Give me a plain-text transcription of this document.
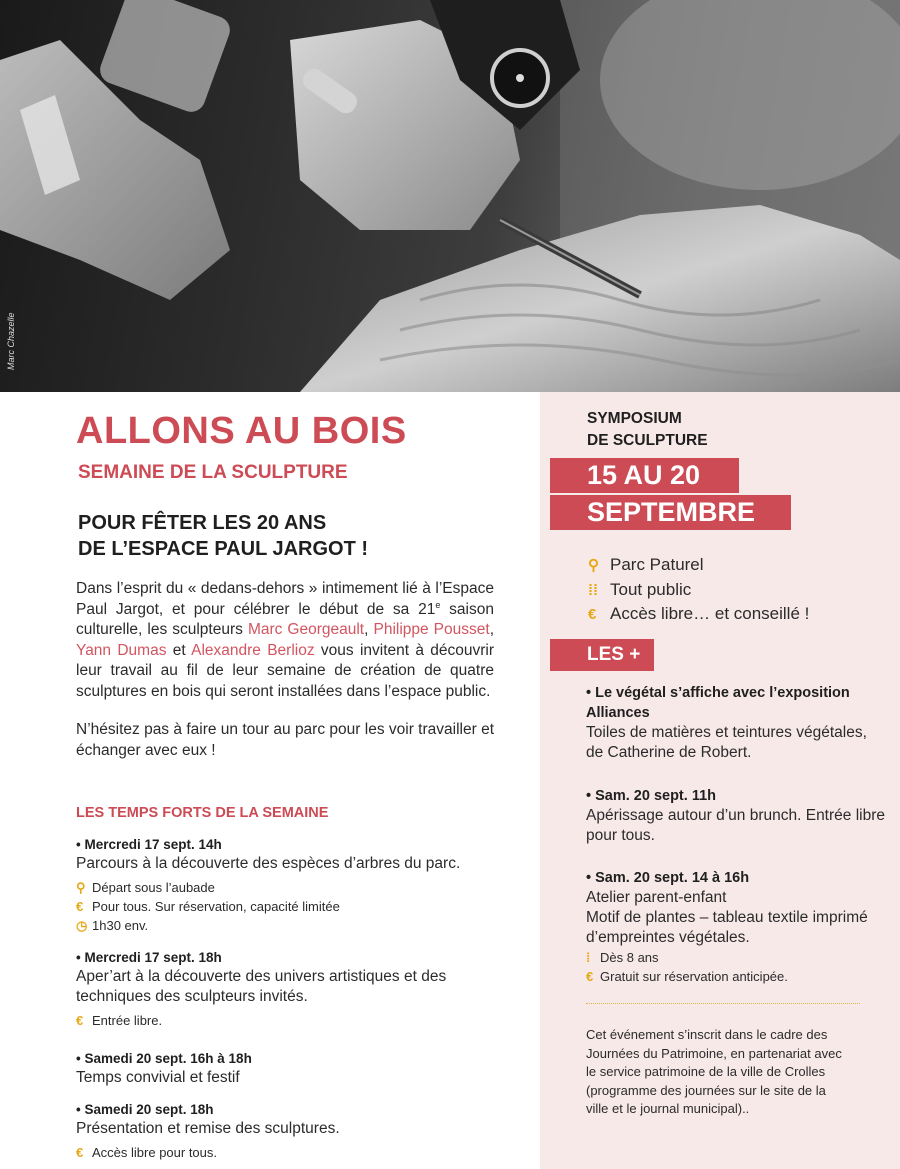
Marc Chazelle
ALLONS AU BOIS
SEMAINE DE LA SCULPTURE
POUR FÊTER LES 20 ANS
DE L’ESPACE PAUL JARGOT !

Dans l’esprit du « dedans-dehors » intimement lié à l’Espace Paul Jargot, et pour célébrer le début de sa 21e saison culturelle, les sculpteurs Marc Georgeault, Philippe Pousset, Yann Dumas et Alexandre Berlioz vous invitent à découvrir leur travail au fil de leur semaine de création de quatre sculptures en bois qui seront installées dans l’espace public.

N’hésitez pas à faire un tour au parc pour les voir travailler et échanger avec eux !

LES TEMPS FORTS DE LA SEMAINE
• Mercredi 17 sept. 14h
Parcours à la découverte des espèces d’arbres du parc.
⚲ Départ sous l’aubade
€ Pour tous. Sur réservation, capacité limitée
◷ 1h30 env.
• Mercredi 17 sept. 18h
Aper’art à la découverte des univers artistiques et des techniques des sculpteurs invités.
€ Entrée libre.
• Samedi 20 sept. 16h à 18h
Temps convivial et festif
• Samedi 20 sept. 18h
Présentation et remise des sculptures.
€ Accès libre pour tous.
SYMPOSIUM
DE SCULPTURE
15 AU 20
SEPTEMBRE
⚲ Parc Paturel
⁞⁞ Tout public
€ Accès libre… et conseillé !
LES +
• Le végétal s’affiche avec l’exposition Alliances
Toiles de matières et teintures végétales, de Catherine de Robert.
• Sam. 20 sept. 11h
Apérissage autour d’un brunch. Entrée libre pour tous.
• Sam. 20 sept. 14 à 16h
Atelier parent-enfant
Motif de plantes – tableau textile imprimé d’empreintes végétales.
⁞ Dès 8 ans
€ Gratuit sur réservation anticipée.
Cet événement s’inscrit dans le cadre des Journées du Patrimoine, en partenariat avec le service patrimoine de la ville de Crolles (programme des journées sur le site de la ville et le journal municipal)..
